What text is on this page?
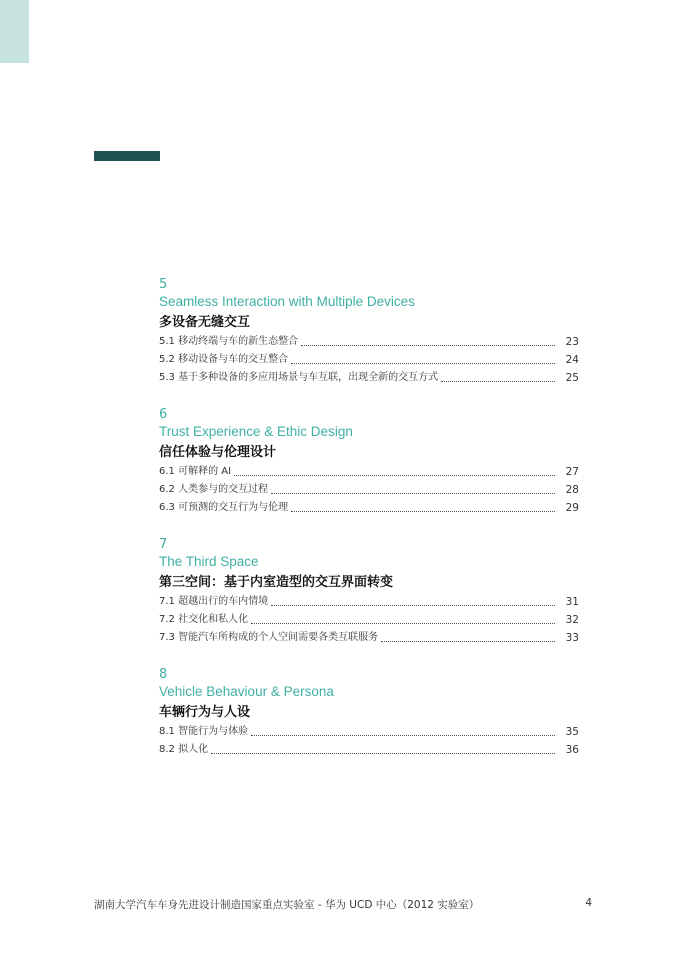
5
Seamless Interaction with Multiple Devices
多设备无缝交互
5.1 移动终端与车的新生态整合	23
5.2 移动设备与车的交互整合	24
5.3 基于多种设备的多应用场景与车互联，出现全新的交互方式	25
6
Trust Experience & Ethic Design
信任体验与伦理设计
6.1 可解释的 AI	27
6.2 人类参与的交互过程	28
6.3 可预测的交互行为与伦理	29
7
The Third Space
第三空间：基于内室造型的交互界面转变
7.1 超越出行的车内情境	31
7.2 社交化和私人化	32
7.3 智能汽车所构成的个人空间需要各类互联服务	33
8
Vehicle Behaviour & Persona
车辆行为与人设
8.1 智能行为与体验	35
8.2 拟人化	36
湖南大学汽车车身先进设计制造国家重点实验室 - 华为 UCD 中心（2012 实验室）	4
